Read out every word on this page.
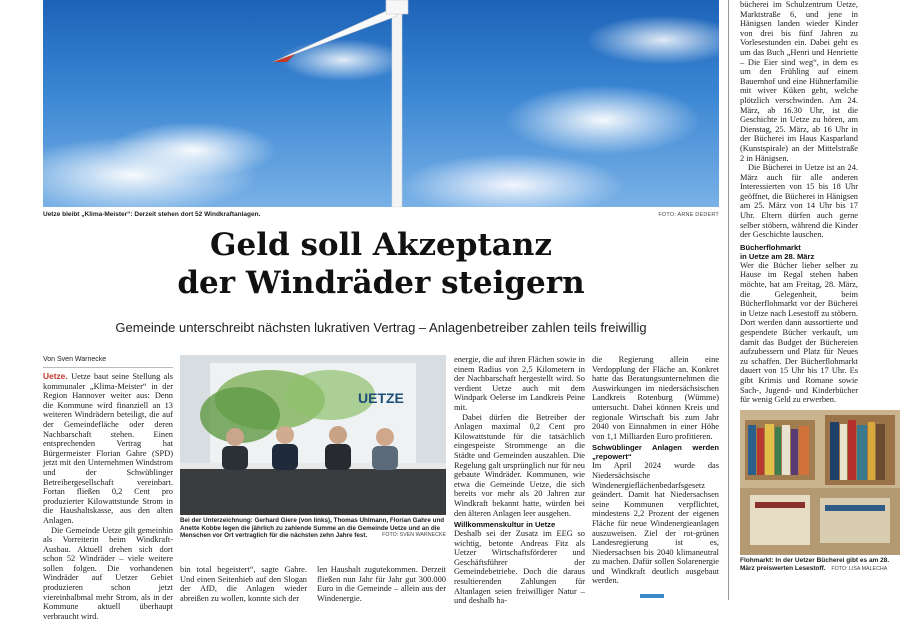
Uetze bleibt „Klima-Meister“: Derzeit stehen dort 52 Windkraftanlagen.	FOTO: ARNE DEDERT
Geld soll Akzeptanz
der Windräder steigern
Gemeinde unterschreibt nächsten lukrativen Vertrag – Anlagenbetreiber zahlen teils freiwillig
Von Sven Warnecke

Uetze. Uetze baut seine Stellung als kommunaler „Klima-Meister“ in der Region Hannover weiter aus: Denn die Kommune wird finanziell an 13 weiteren Windrädern beteiligt, die auf der Gemeindefläche oder deren Nachbarschaft stehen. Einen entsprechenden Vertrag hat Bürgermeister Florian Gahre (SPD) jetzt mit den Unternehmen Windstrom und der Schwüblinger Betreibergesellschaft vereinbart. Fortan fließen 0,2 Cent pro produzierter Kilowattstunde Strom in die Haushaltskasse, aus den alten Anlagen.

Die Gemeinde Uetze gilt gemeinhin als Vorreiterin beim Windkraft-Ausbau. Aktuell drehen sich dort schon 52 Windräder – viele weitere sollen folgen. Die vorhandenen Windräder auf Uetzer Gebiet produzieren schon jetzt viereinhalbmal mehr Strom, als in der Kommune aktuell überhaupt verbraucht wird.

UETZE
Bei der Unterzeichnung: Gerhard Giere (von links), Thomas Uhlmann, Florian Gahre und Anette Kobbe legen die jährlich zu zahlende Summe an die Gemeinde Uetze und an die Menschen vor Ort vertraglich für die nächsten zehn Jahre fest.	FOTO: SVEN WARNECKE

bin total begeistert“, sagte Gahre. Und einen Seitenhieb auf den Slogan der AfD, die Anlagen wieder abreißen zu wollen, konnte sich der

len Haushalt zugutekommen. Derzeit fließen nun Jahr für Jahr gut 300.000 Euro in die Gemeinde – allein aus der Windenergie.

energie, die auf ihren Flächen sowie in einem Radius von 2,5 Kilometern in der Nachbarschaft hergestellt wird. So verdient Uetze auch mit dem Windpark Oelerse im Landkreis Peine mit.

Dabei dürfen die Betreiber der Anlagen maximal 0,2 Cent pro Kilowattstunde für die tatsächlich eingespeiste Strommenge an die Städte und Gemeinden auszahlen. Die Regelung galt ursprünglich nur für neu gebaute Windräder. Kommunen, wie etwa die Gemeinde Uetze, die sich bereits vor mehr als 20 Jahren zur Windkraft bekannt hatte, würden bei den älteren Anlagen leer ausgehen.

Willkommenskultur in Uetze

Deshalb sei der Zusatz im EEG so wichtig, betonte Andreas Fitz als Uetzer Wirtschaftsförderer und Geschäftsführer der Gemeindebetriebe. Doch die daraus resultierenden Zahlungen für Altanlagen seien freiwilliger Natur – und deshalb ha-

die Regierung allein eine Verdopplung der Fläche an. Konkret hatte das Beratungsunternehmen die Auswirkungen im niedersächsischen Landkreis Rotenburg (Wümme) untersucht. Dabei können Kreis und regionale Wirtschaft bis zum Jahr 2040 von Einnahmen in einer Höhe von 1,1 Milliarden Euro profitieren.

Schwüblinger Anlagen werden „repowert“

Im April 2024 wurde das Niedersächsische Windenergieflächenbedarfsgesetz geändert. Damit hat Niedersachsen seine Kommunen verpflichtet, mindestens 2,2 Prozent der eigenen Fläche für neue Windenergieanlagen auszuweisen. Ziel der rot-grünen Landesregierung ist es, Niedersachsen bis 2040 klimaneutral zu machen. Dafür sollen Solarenergie und Windkraft deutlich ausgebaut werden.

bücherei im Schulzentrum Uetze, Marktstraße 6, und jene in Hänigsen landen wieder Kinder von drei bis fünf Jahren zu Vorlesestunden ein. Dabei geht es um das Buch „Henri und Henriette – Die Eier sind weg“, in dem es um den Frühling auf einem Bauernhof und eine Hühnerfamilie mit wiver Küken geht, welche plötzlich verschwinden. Am 24. März, ab 16.30 Uhr, ist die Geschichte in Uetze zu hören, am Dienstag, 25. März, ab 16 Uhr in der Bücherei im Haus Kasparland (Kunstspirale) an der Mittelstraße 2 in Hänigsen.

Die Bücherei in Uetze ist an 24. März auch für alle anderen Interessierten von 15 bis 18 Uhr geöffnet, die Bücherei in Hänigsen am 25. März von 14 Uhr bis 17 Uhr. Eltern dürfen auch gerne selber stöbern, während die Kinder der Geschichte lauschen.

Bücherflohmarkt
in Uetze am 28. März

Wer die Bücher lieber selber zu Hause im Regal stehen haben möchte, hat am Freitag, 28. März, die Gelegenheit, beim Bücherflohmarkt vor der Bücherei in Uetze nach Lesestoff zu stöbern. Dort werden dann aussortierte und gespendete Bücher verkauft, um damit das Budget der Büchereien aufzubessern und Platz für Neues zu schaffen. Der Bücherflohmarkt dauert von 15 Uhr bis 17 Uhr. Es gibt Krimis und Romane sowie Sach-, Jugend- und Kinderbücher für wenig Geld zu erwerben.

Flohmarkt: In der Uetzer Bücherei gibt es am 28. März preiswerten Lesestoff. FOTO: LISA MALECHA
